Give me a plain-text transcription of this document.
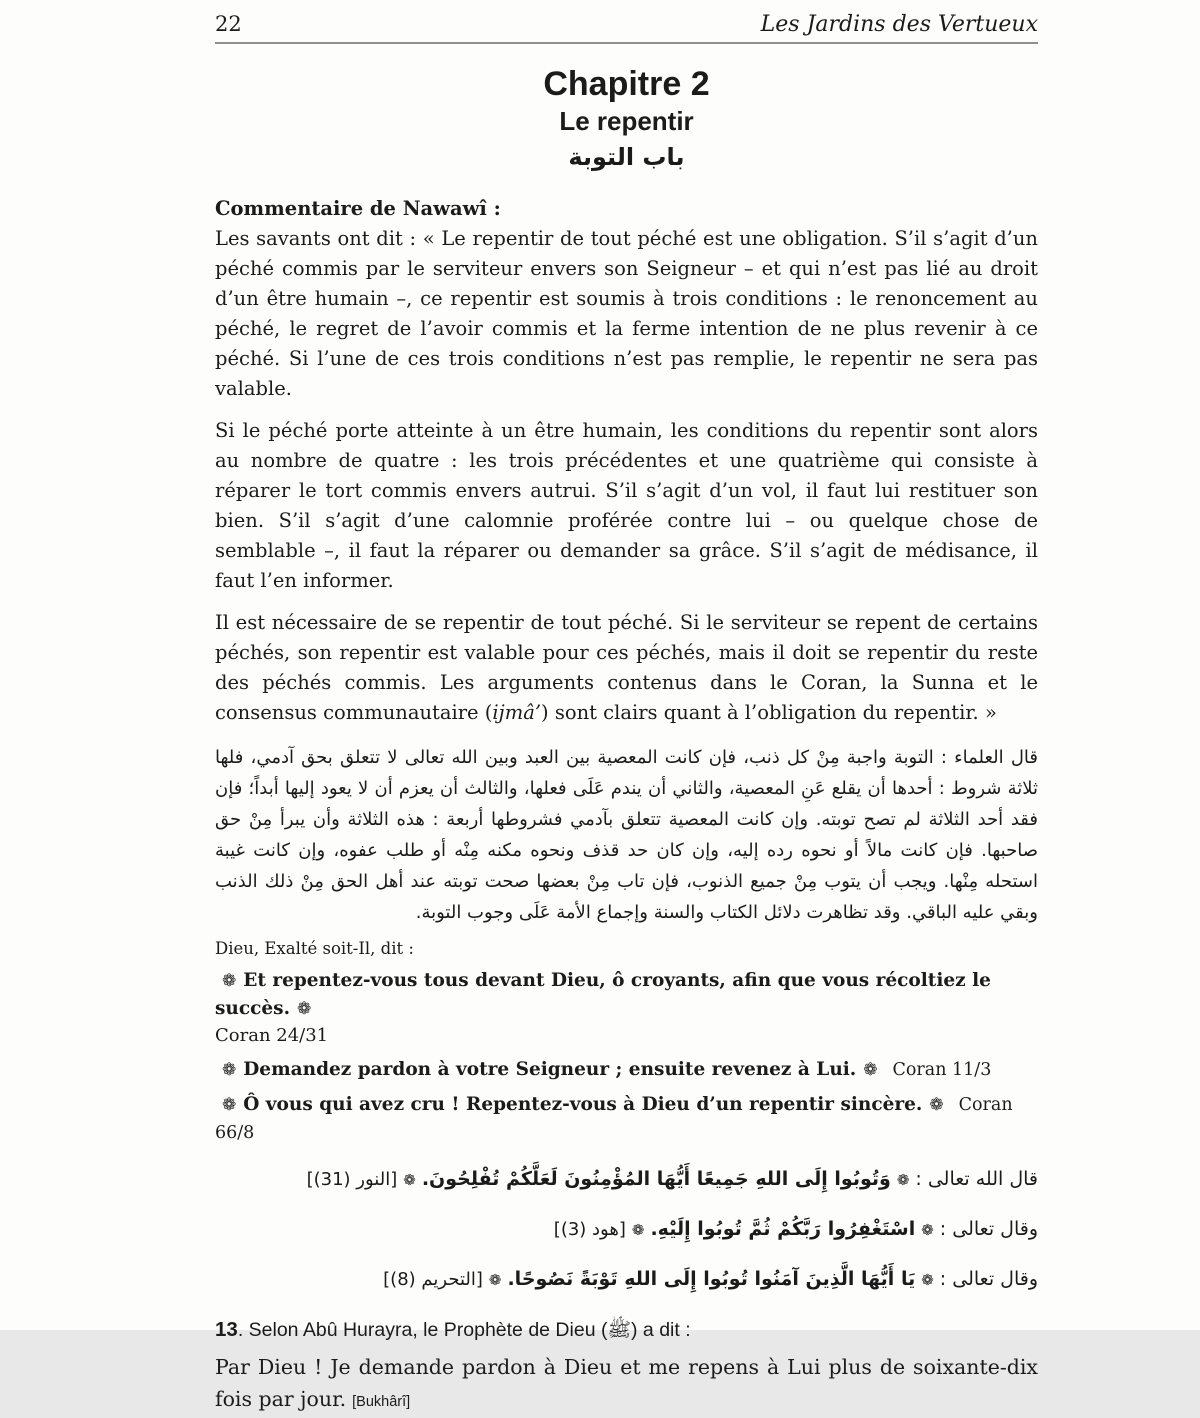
22	Les Jardins des Vertueux
Chapitre 2
Le repentir
باب التوبة
Commentaire de Nawawî :

Les savants ont dit : « Le repentir de tout péché est une obligation. S’il s’agit d’un péché commis par le serviteur envers son Seigneur – et qui n’est pas lié au droit d’un être humain –, ce repentir est soumis à trois conditions : le renoncement au péché, le regret de l’avoir commis et la ferme intention de ne plus revenir à ce péché. Si l’une de ces trois conditions n’est pas remplie, le repentir ne sera pas valable.

Si le péché porte atteinte à un être humain, les conditions du repentir sont alors au nombre de quatre : les trois précédentes et une quatrième qui consiste à réparer le tort commis envers autrui. S’il s’agit d’un vol, il faut lui restituer son bien. S’il s’agit d’une calomnie proférée contre lui – ou quelque chose de semblable –, il faut la réparer ou demander sa grâce. S’il s’agit de médisance, il faut l’en informer.

Il est nécessaire de se repentir de tout péché. Si le serviteur se repent de certains péchés, son repentir est valable pour ces péchés, mais il doit se repentir du reste des péchés commis. Les arguments contenus dans le Coran, la Sunna et le consensus communautaire (ijmâ’) sont clairs quant à l’obligation du repentir. »

قال العلماء : التوبة واجبة مِنْ كل ذنب، فإن كانت المعصية بين العبد وبين الله تعالى لا تتعلق بحق آدمي، فلها ثلاثة شروط : أحدها أن يقلع عَنِ المعصية، والثاني أن يندم عَلَى فعلها، والثالث أن يعزم أن لا يعود إليها أبداً؛ فإن فقد أحد الثلاثة لم تصح توبته. وإن كانت المعصية تتعلق بآدمي فشروطها أربعة : هذه الثلاثة وأن يبرأ مِنْ حق صاحبها. فإن كانت مالاً أو نحوه رده إليه، وإن كان حد قذف ونحوه مكنه مِنْه أو طلب عفوه، وإن كانت غيبة استحله مِنْها. ويجب أن يتوب مِنْ جميع الذنوب، فإن تاب مِنْ بعضها صحت توبته عند أهل الحق مِنْ ذلك الذنب وبقي عليه الباقي. وقد تظاهرت دلائل الكتاب والسنة وإجماع الأمة عَلَى وجوب التوبة.
Dieu, Exalté soit-Il, dit :
❁ Et repentez-vous tous devant Dieu, ô croyants, afin que vous récoltiez le succès. ❁
Coran 24/31
❁ Demandez pardon à votre Seigneur ; ensuite revenez à Lui. ❁ Coran 11/3
❁ Ô vous qui avez cru ! Repentez-vous à Dieu d’un repentir sincère. ❁ Coran 66/8
قال الله تعالى :❁وَتُوبُوا إِلَى اللهِ جَمِيعًا أَيُّهَا المُؤْمِنُونَ لَعَلَّكُمْ تُفْلِحُونَ.❁[النور (31)]
وقال تعالى :❁اسْتَغْفِرُوا رَبَّكُمْ ثُمَّ تُوبُوا إِلَيْهِ.❁[هود (3)]
وقال تعالى :❁يَا أَيُّهَا الَّذِينَ آمَنُوا تُوبُوا إِلَى اللهِ تَوْبَةً نَصُوحًا.❁[التحريم (8)]
13. Selon Abû Hurayra, le Prophète de Dieu (ﷺ) a dit :

Par Dieu ! Je demande pardon à Dieu et me repens à Lui plus de soixante-dix fois par jour. [Bukhârî]
